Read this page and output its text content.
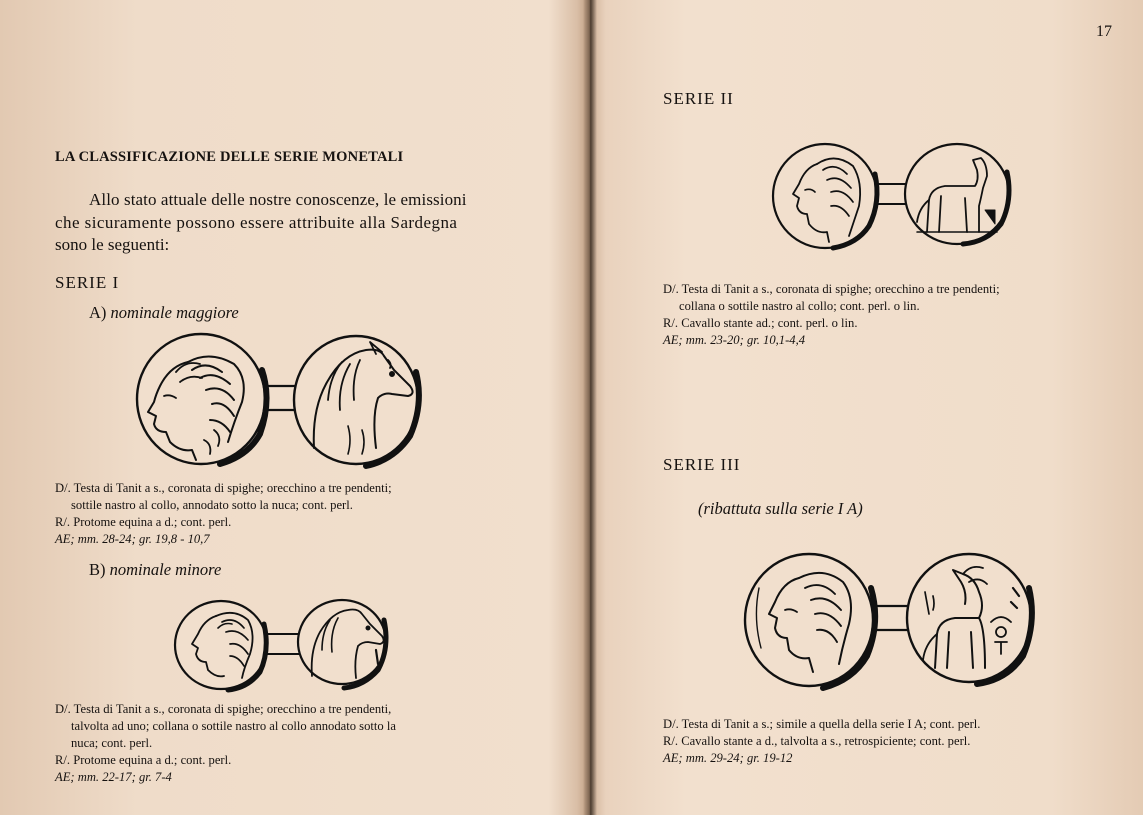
LA CLASSIFICAZIONE DELLE SERIE MONETALI
Allo stato attuale delle nostre conoscenze, le emissioni
che sicuramente possono essere attribuite alla Sardegna
sono le seguenti:
SERIE I
A) nominale maggiore
D/. Testa di Tanit a s., coronata di spighe; orecchino a tre pendenti;
sottile nastro al collo, annodato sotto la nuca; cont. perl.
R/. Protome equina a d.; cont. perl.
AE; mm. 28-24; gr. 19,8 - 10,7
B) nominale minore
D/. Testa di Tanit a s., coronata di spighe; orecchino a tre pendenti,
talvolta ad uno; collana o sottile nastro al collo annodato sotto la
nuca; cont. perl.
R/. Protome equina a d.; cont. perl.
AE; mm. 22-17; gr. 7-4
17
SERIE II
D/. Testa di Tanit a s., coronata di spighe; orecchino a tre pendenti;
collana o sottile nastro al collo; cont. perl. o lin.
R/. Cavallo stante ad.; cont. perl. o lin.
AE; mm. 23-20; gr. 10,1-4,4
SERIE III
(ribattuta sulla serie I A)
D/. Testa di Tanit a s.; simile a quella della serie I A; cont. perl.
R/. Cavallo stante a d., talvolta a s., retrospiciente; cont. perl.
AE; mm. 29-24; gr. 19-12
